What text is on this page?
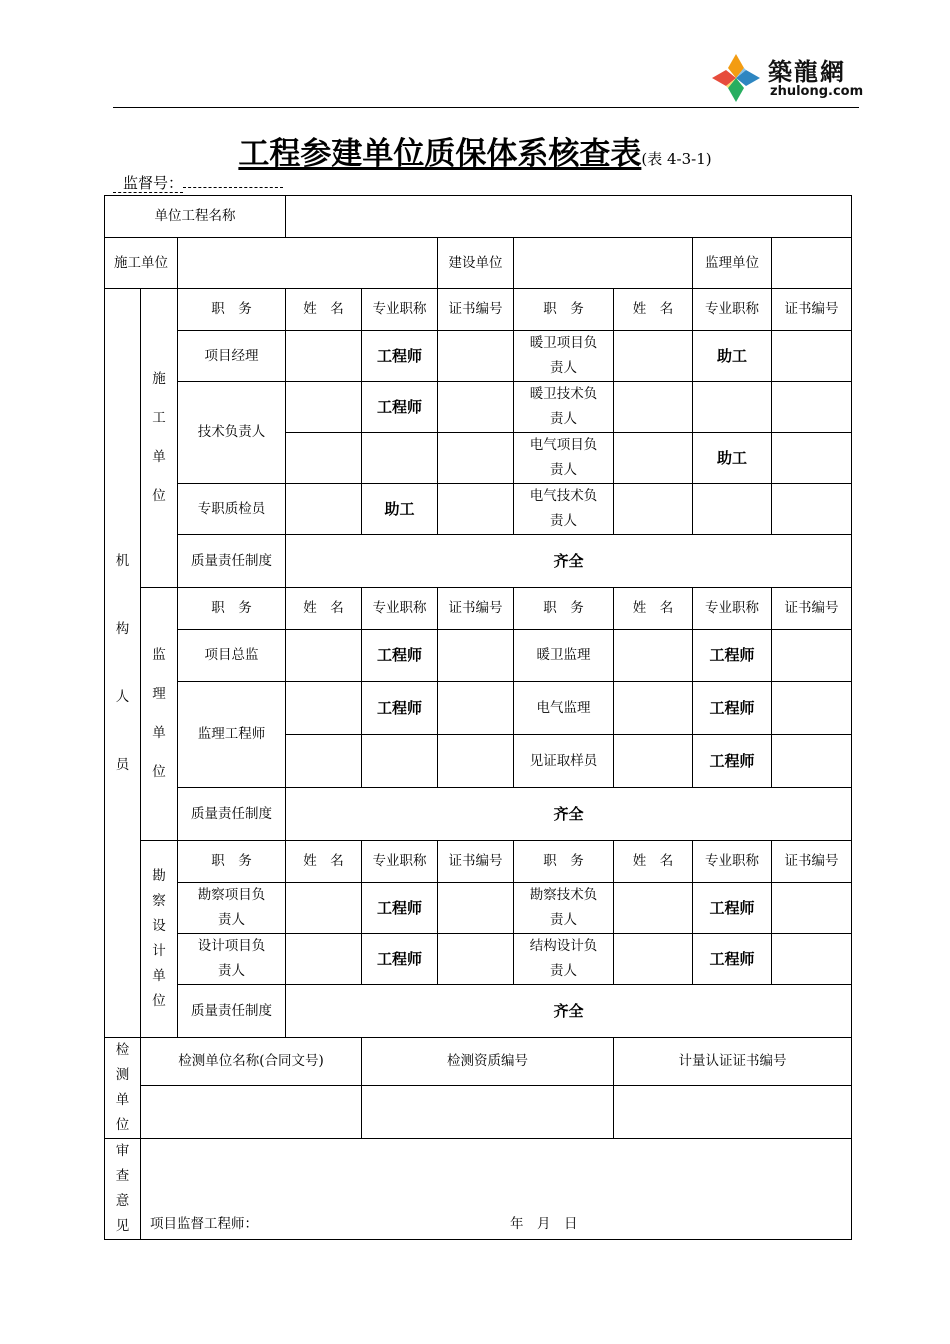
築龍網
zhulong.com
工程参建单位质保体系核查表(表 4-3-1)
监督号：
单位工程名称									
施工单位					建设单位			监理单位	
机构人员	施工单位	职　务	姓　名	专业职称	证书编号	职　务	姓　名	专业职称	证书编号
		项目经理		工程师		暖卫项目负责人		助工	
		技术负责人		工程师		暖卫技术负责人			
						电气项目负责人		助工	
		专职质检员		助工		电气技术负责人			
		质量责任制度	齐全						
	监理单位	职　务	姓　名	专业职称	证书编号	职　务	姓　名	专业职称	证书编号
		项目总监		工程师		暖卫监理		工程师	
		监理工程师		工程师		电气监理		工程师	
						见证取样员		工程师	
		质量责任制度	齐全						
	勘察设计单位	职　务	姓　名	专业职称	证书编号	职　务	姓　名	专业职称	证书编号
		勘察项目负责人		工程师		勘察技术负责人		工程师	
		设计项目负责人		工程师		结构设计负责人		工程师	
		质量责任制度	齐全						
检测单位	检测单位名称(合同文号)			检测资质编号			计量认证证书编号		

审查意见	项目监督工程师： 年　月　日								
